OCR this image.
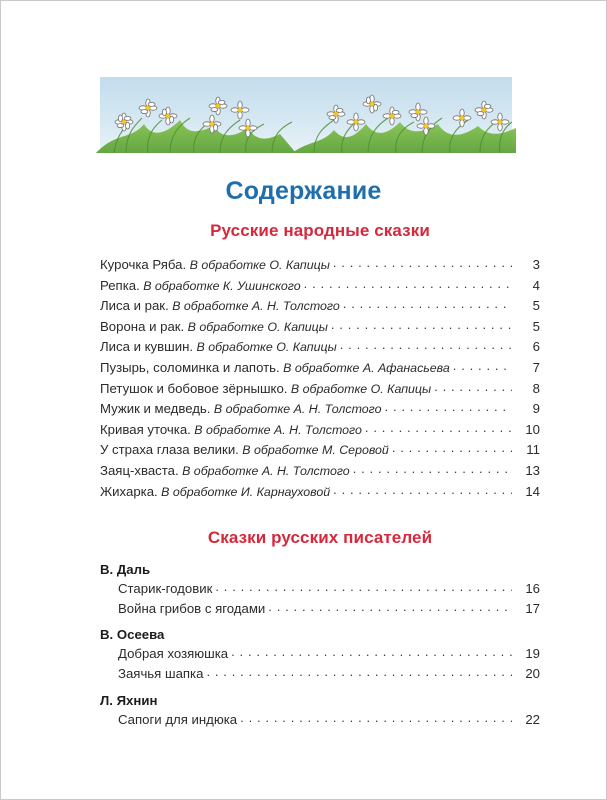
Содержание
Русские народные сказки
Курочка Ряба. В обработке О. Капицы . . .	3
Репка. В обработке К. Ушинского . . .	4
Лиса и рак. В обработке А. Н. Толстого . . .	5
Ворона и рак. В обработке О. Капицы . . .	5
Лиса и кувшин. В обработке О. Капицы . . .	6
Пузырь, соломинка и лапоть. В обработке А. Афанасьева . . .	7
Петушок и бобовое зёрнышко. В обработке О. Капицы . . .	8
Мужик и медведь. В обработке А. Н. Толстого . . .	9
Кривая уточка. В обработке А. Н. Толстого . . .	10
У страха глаза велики. В обработке М. Серовой . . .	11
Заяц-хваста. В обработке А. Н. Толстого . . .	13
Жихарка. В обработке И. Карнауховой . . .	14
Сказки русских писателей
В. Даль
Старик-годовик . . .	16
Война грибов с ягодами . . .	17
В. Осеева
Добрая хозяюшка . . .	19
Заячья шапка . . .	20
Л. Яхнин
Сапоги для индюка . . .	22
